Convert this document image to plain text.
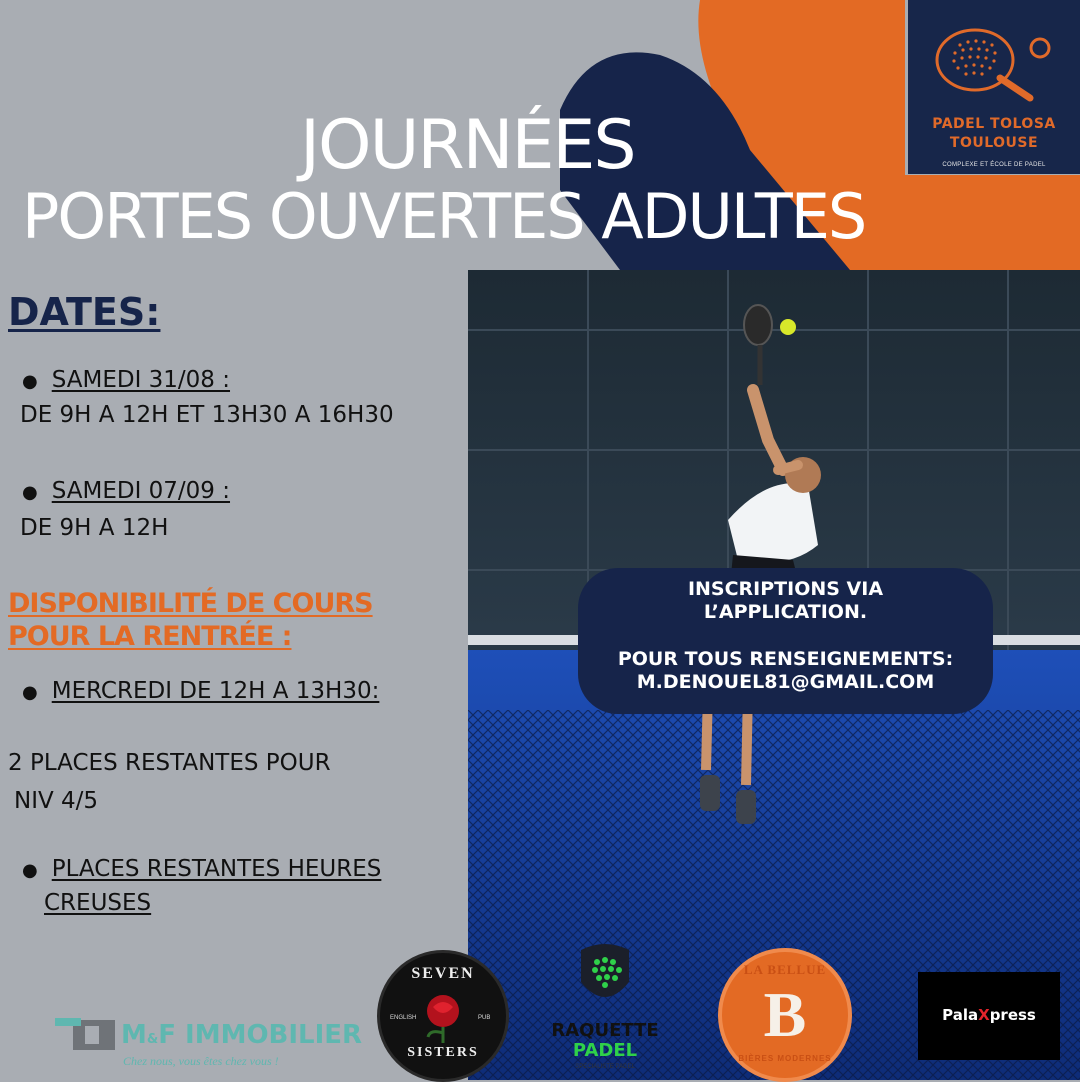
JOURNÉES
PORTES OUVERTES ADULTES
PADEL TOLOSA
TOULOUSE
COMPLEXE ET ÉCOLE DE PADEL
DATES:
● SAMEDI 31/08 :
DE 9H A 12H ET 13H30 A 16H30
● SAMEDI 07/09 :
DE 9H A 12H
DISPONIBILITÉ DE COURS
POUR LA RENTRÉE :
● MERCREDI DE 12H A 13H30:
2 PLACES RESTANTES POUR
NIV 4/5
● PLACES RESTANTES HEURES
CREUSES
INSCRIPTIONS VIA
L’APPLICATION.
POUR TOUS RENSEIGNEMENTS:
M.DENOUEL81@GMAIL.COM
M&F IMMOBILIER
Chez nous, vous êtes chez vous !
SEVEN
ENGLISH	PUB
SISTERS
RAQUETTE
PADEL
SPECIALISTE PADEL
LA BELLUE
B
BIÈRES MODERNES
PalaXpress
